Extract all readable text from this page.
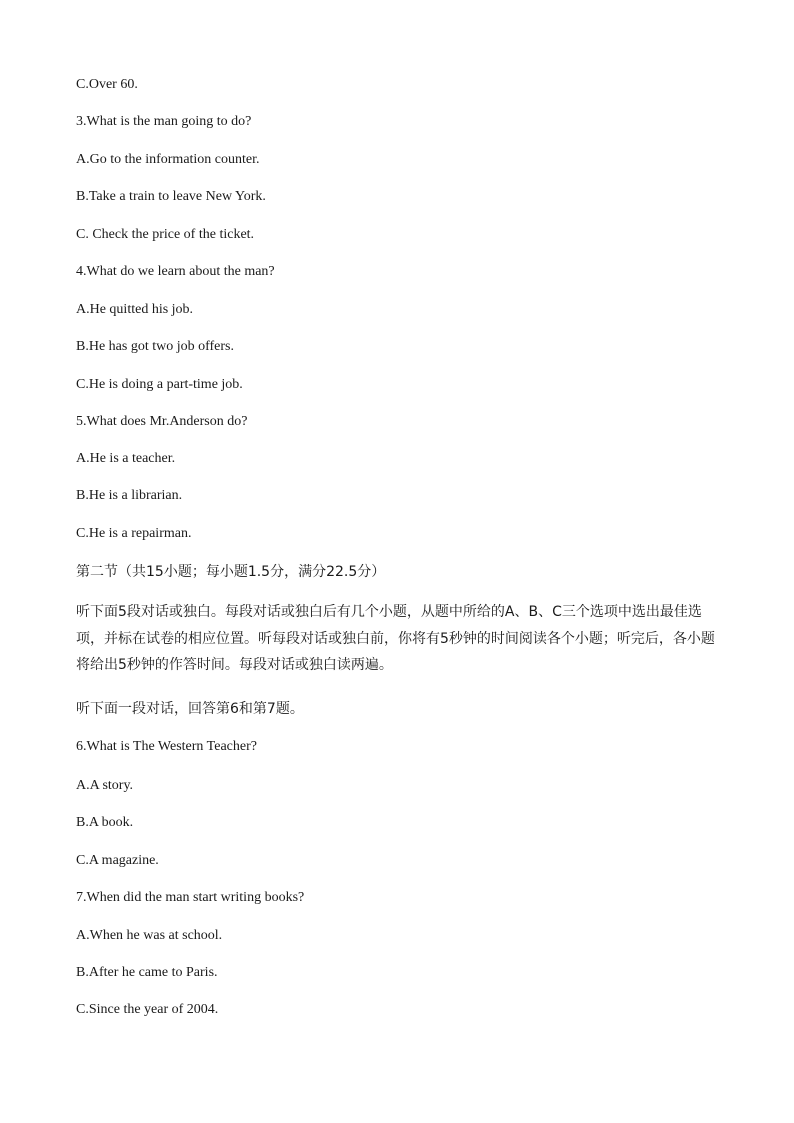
C.Over 60.
3.What is the man going to do?
A.Go to the information counter.
B.Take a train to leave New York.
C. Check the price of the ticket.
4.What do we learn about the man?
A.He quitted his job.
B.He has got two job offers.
C.He is doing a part-time job.
5.What does Mr.Anderson do?
A.He is a teacher.
B.He is a librarian.
C.He is a repairman.
第二节（共15小题；每小题1.5分，满分22.5分）
听下面5段对话或独白。每段对话或独白后有几个小题，从题中所给的A、B、C三个选项中选出最佳选项，并标在试卷的相应位置。听每段对话或独白前，你将有5秒钟的时间阅读各个小题；听完后，各小题将给出5秒钟的作答时间。每段对话或独白读两遍。
听下面一段对话，回答第6和第7题。
6.What is The Western Teacher?
A.A story.
B.A book.
C.A magazine.
7.When did the man start writing books?
A.When he was at school.
B.After he came to Paris.
C.Since the year of 2004.
